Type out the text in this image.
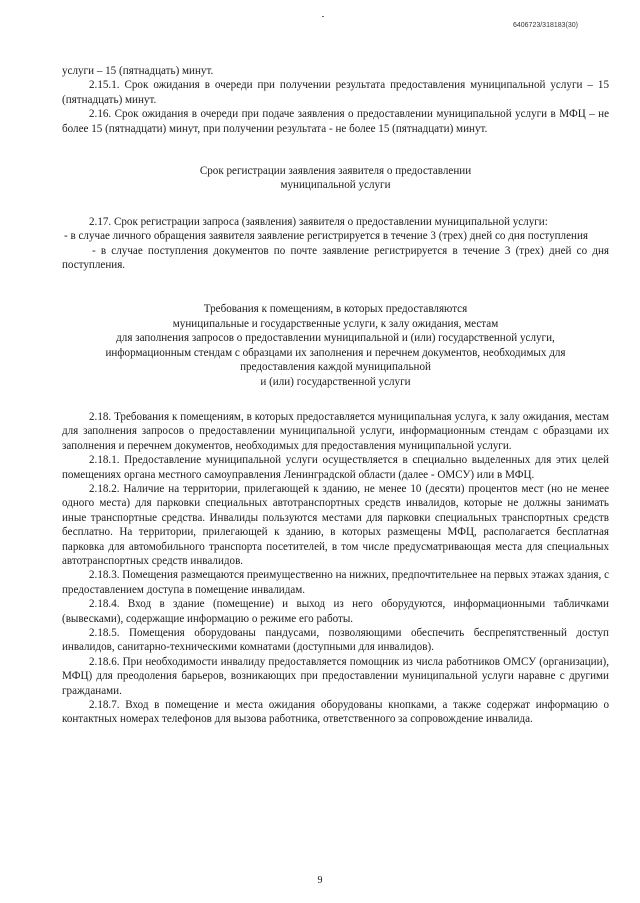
6406723/318183(30)

услуги – 15 (пятнадцать) минут.

2.15.1. Срок ожидания в очереди при получении результата предоставления муниципальной услуги – 15 (пятнадцать) минут.

2.16. Срок ожидания в очереди при подаче заявления о предоставлении муниципальной услуги в МФЦ – не более 15 (пятнадцати) минут, при получении результата - не более 15 (пятнадцати) минут.

Срок регистрации заявления заявителя о предоставлении
муниципальной услуги

2.17. Срок регистрации запроса (заявления) заявителя о предоставлении муниципальной услуги:

- в случае личного обращения заявителя заявление регистрируется в течение 3 (трех) дней со дня поступления

- в случае поступления документов по почте заявление регистрируется в течение 3 (трех) дней со дня поступления.

Требования к помещениям, в которых предоставляются
муниципальные и государственные услуги, к залу ожидания, местам
для заполнения запросов о предоставлении муниципальной и (или) государственной услуги,
информационным стендам с образцами их заполнения и перечнем документов, необходимых для
предоставления каждой муниципальной
и (или) государственной услуги

2.18. Требования к помещениям, в которых предоставляется муниципальная услуга, к залу ожидания, местам для заполнения запросов о предоставлении муниципальной услуги, информационным стендам с образцами их заполнения и перечнем документов, необходимых для предоставления муниципальной услуги.

2.18.1. Предоставление муниципальной услуги осуществляется в специально выделенных для этих целей помещениях органа местного самоуправления Ленинградской области (далее - ОМСУ) или в МФЦ.

2.18.2. Наличие на территории, прилегающей к зданию, не менее 10 (десяти) процентов мест (но не менее одного места) для парковки специальных автотранспортных средств инвалидов, которые не должны занимать иные транспортные средства. Инвалиды пользуются местами для парковки специальных транспортных средств бесплатно. На территории, прилегающей к зданию, в которых размещены МФЦ, располагается бесплатная парковка для автомобильного транспорта посетителей, в том числе предусматривающая места для специальных автотранспортных средств инвалидов.

2.18.3. Помещения размещаются преимущественно на нижних, предпочтительнее на первых этажах здания, с предоставлением доступа в помещение инвалидам.

2.18.4. Вход в здание (помещение) и выход из него оборудуются, информационными табличками (вывесками), содержащие информацию о режиме его работы.

2.18.5. Помещения оборудованы пандусами, позволяющими обеспечить беспрепятственный доступ инвалидов, санитарно-техническими комнатами (доступными для инвалидов).

2.18.6. При необходимости инвалиду предоставляется помощник из числа работников ОМСУ (организации), МФЦ) для преодоления барьеров, возникающих при предоставлении муниципальной услуги наравне с другими гражданами.

2.18.7. Вход в помещение и места ожидания оборудованы кнопками, а также содержат информацию о контактных номерах телефонов для вызова работника, ответственного за сопровождение инвалида.

9
